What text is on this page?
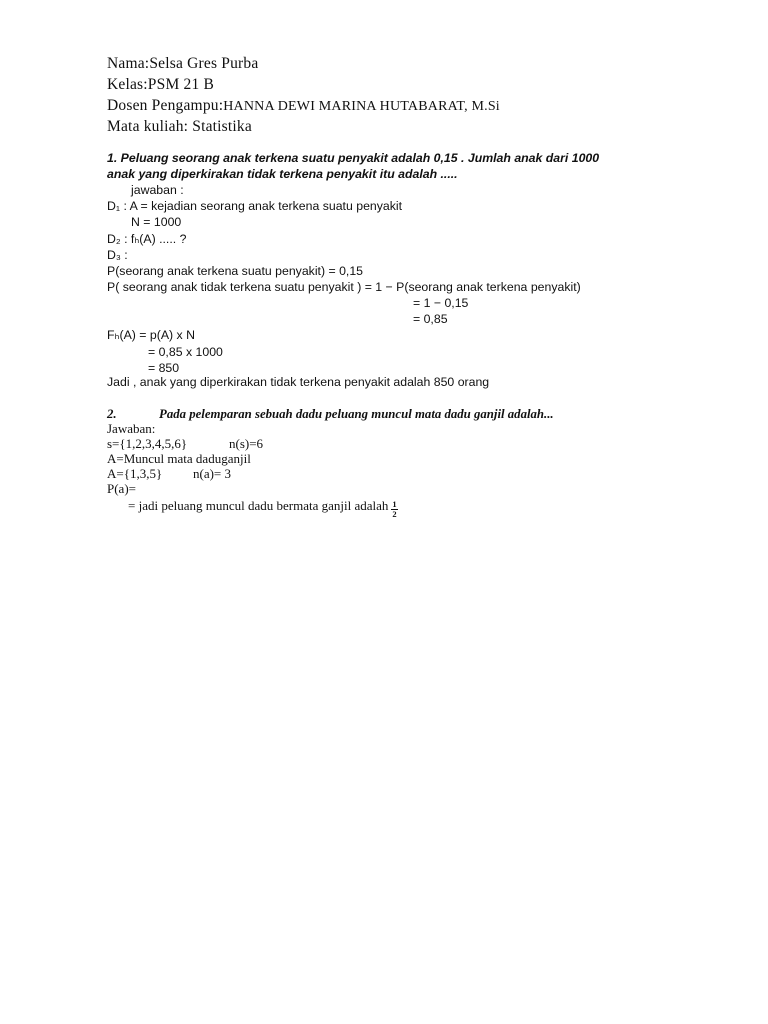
Nama:Selsa Gres Purba
Kelas:PSM 21 B
Dosen Pengampu:HANNA DEWI MARINA HUTABARAT, M.Si
Mata kuliah: Statistika
1. Peluang seorang anak terkena suatu penyakit adalah 0,15 . Jumlah anak dari 1000
anak yang diperkirakan tidak terkena penyakit itu adalah .....
jawaban :
D₁ : A = kejadian seorang anak terkena suatu penyakit
N = 1000
D₂ : fₕ(A) ..... ?
D₃ :
P(seorang anak terkena suatu penyakit) = 0,15
P( seorang anak tidak terkena suatu penyakit ) = 1 − P(seorang anak terkena penyakit)
= 1 − 0,15
= 0,85
Fₕ(A) = p(A) x N
= 0,85 x 1000
= 850
Jadi , anak yang diperkirakan tidak terkena penyakit adalah 850 orang
2.	Pada pelemparan sebuah dadu peluang muncul mata dadu ganjil adalah...
Jawaban:
s={1,2,3,4,5,6}	n(s)=6
A=Muncul mata daduganjil
A={1,3,5} n(a)= 3
P(a)=
= jadi peluang muncul dadu bermata ganjil adalah $\frac{1}{2}$
